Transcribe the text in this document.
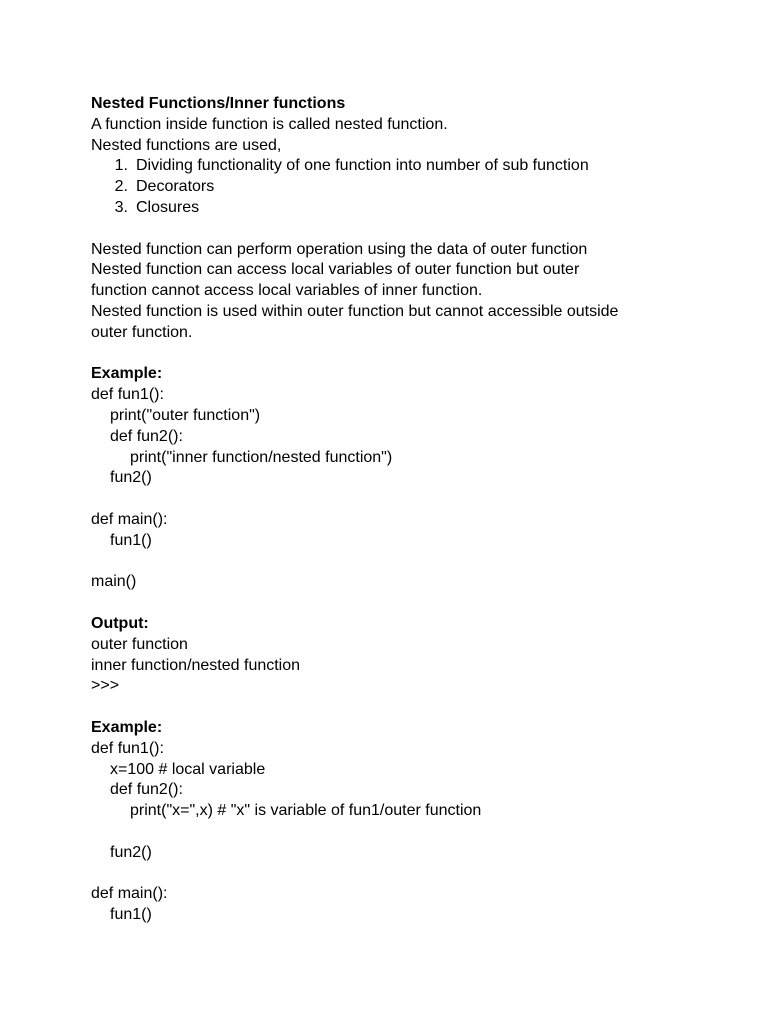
Nested Functions/Inner functions
A function inside function is called nested function.
Nested functions are used,
1. Dividing functionality of one function into number of sub function
2. Decorators
3. Closures
Nested function can perform operation using the data of outer function
Nested function can access local variables of outer function but outer
function cannot access local variables of inner function.
Nested function is used within outer function but cannot accessible outside
outer function.
Example:
def fun1():
print("outer function")
def fun2():
print("inner function/nested function")
fun2()
def main():
fun1()
main()
Output:
outer function
inner function/nested function
>>>
Example:
def fun1():
x=100 # local variable
def fun2():
print("x=",x) # "x" is variable of fun1/outer function
fun2()
def main():
fun1()
